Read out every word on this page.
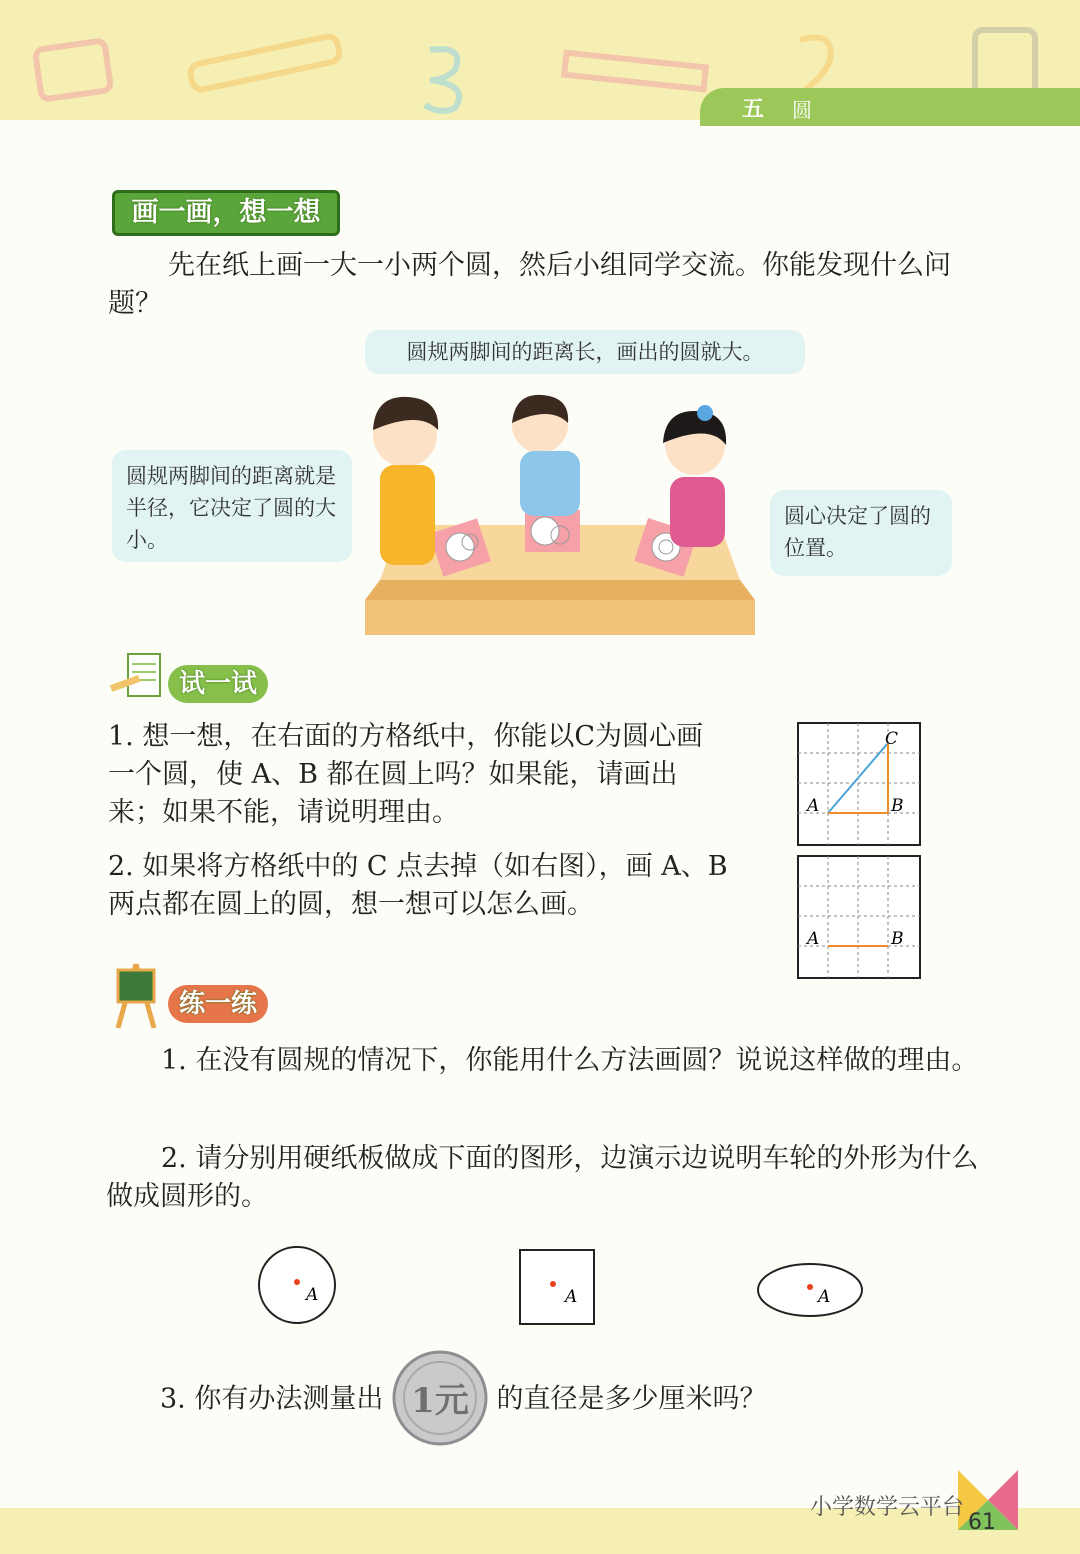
五 圆
画一画，想一想
先在纸上画一大一小两个圆，然后小组同学交流。你能发现什么问题？
圆规两脚间的距离长，画出的圆就大。
圆规两脚间的距离就是半径，它决定了圆的大小。
圆心决定了圆的位置。
试一试
1. 想一想，在右面的方格纸中，你能以C为圆心画一个圆，使 A、B 都在圆上吗？如果能，请画出来；如果不能，请说明理由。
2. 如果将方格纸中的 C 点去掉（如右图），画 A、B 两点都在圆上的圆，想一想可以怎么画。
C
A	B
A	B
练一练
1. 在没有圆规的情况下，你能用什么方法画圆？说说这样做的理由。
2. 请分别用硬纸板做成下面的图形，边演示边说明车轮的外形为什么做成圆形的。
A	A	A
3. 你有办法测量出 1元 的直径是多少厘米吗？
小学数学云平台
61
